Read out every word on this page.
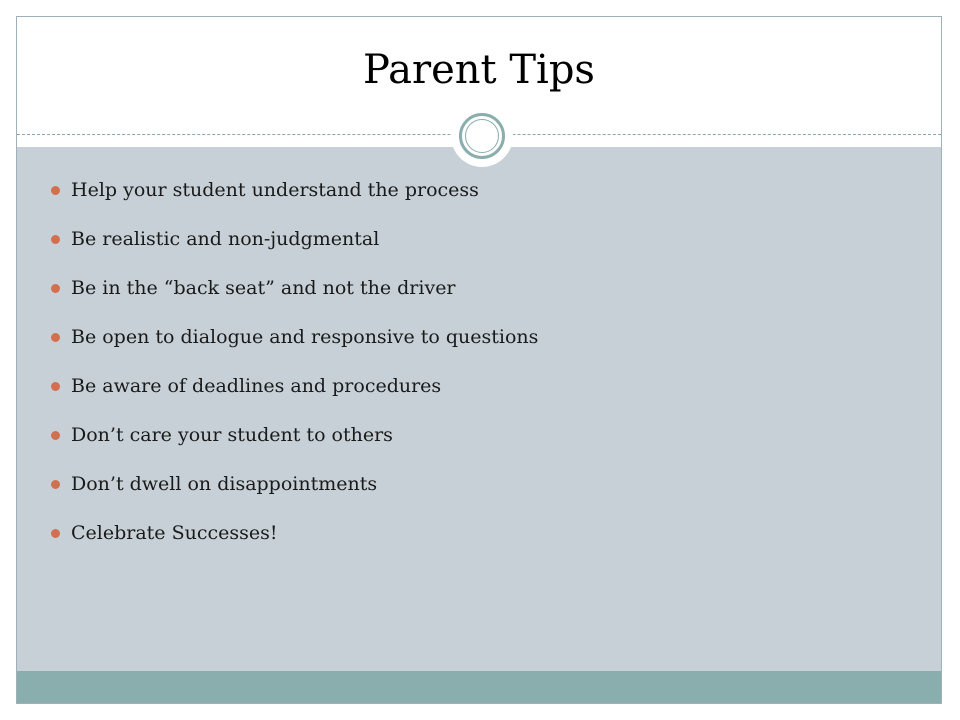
Parent Tips
Help your student understand the process
Be realistic and non-judgmental
Be in the “back seat” and not the driver
Be open to dialogue and responsive to questions
Be aware of deadlines and procedures
Don’t care your student to others
Don’t dwell on disappointments
Celebrate Successes!
